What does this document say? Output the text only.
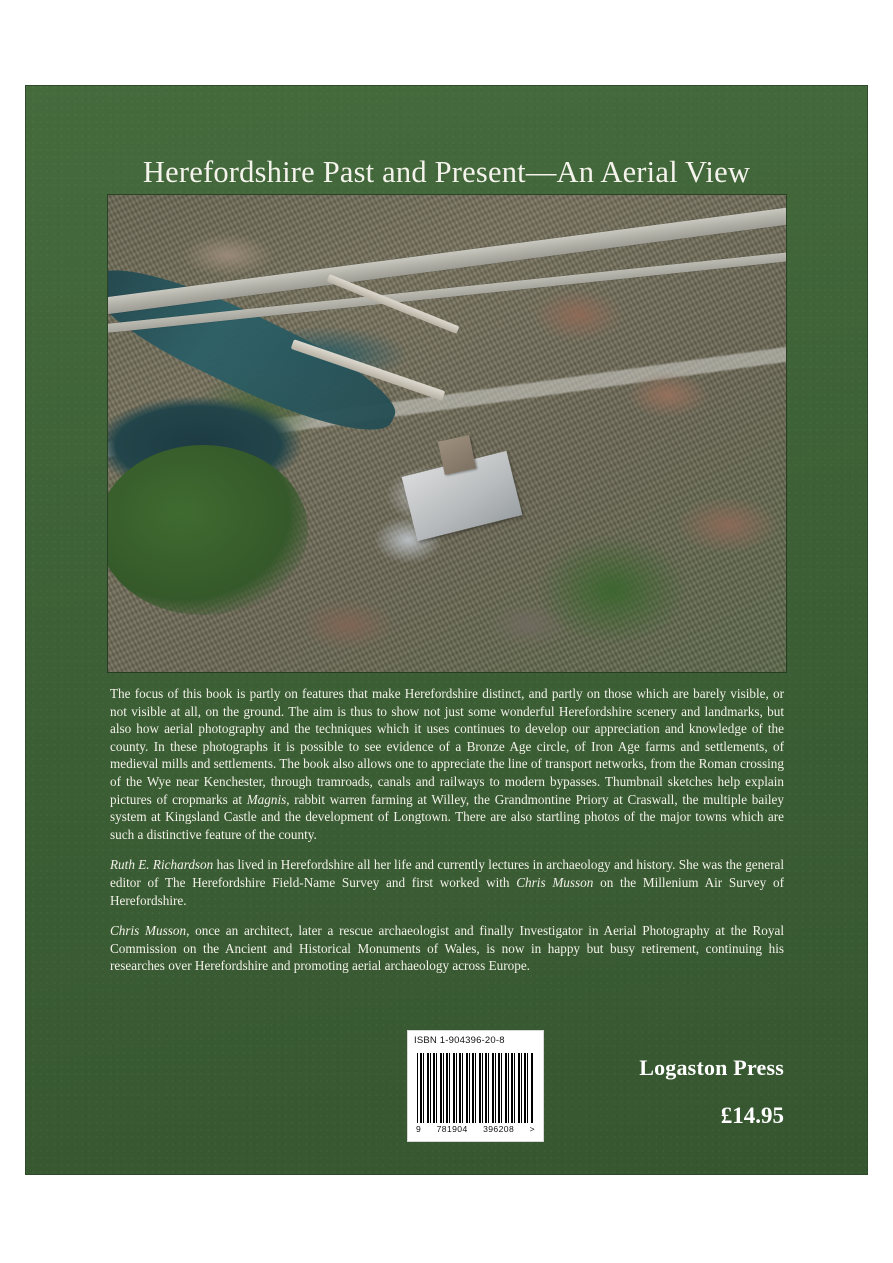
Herefordshire Past and Present—An Aerial View

The focus of this book is partly on features that make Herefordshire distinct, and partly on those which are barely visible, or not visible at all, on the ground. The aim is thus to show not just some wonderful Herefordshire scenery and landmarks, but also how aerial photography and the techniques which it uses continues to develop our appreciation and knowledge of the county. In these photographs it is possible to see evidence of a Bronze Age circle, of Iron Age farms and settlements, of medieval mills and settlements. The book also allows one to appreciate the line of transport networks, from the Roman crossing of the Wye near Kenchester, through tramroads, canals and railways to modern bypasses. Thumbnail sketches help explain pictures of cropmarks at Magnis, rabbit warren farming at Willey, the Grandmontine Priory at Craswall, the multiple bailey system at Kingsland Castle and the development of Longtown. There are also startling photos of the major towns which are such a distinctive feature of the county.

Ruth E. Richardson has lived in Herefordshire all her life and currently lectures in archaeology and history. She was the general editor of The Herefordshire Field-Name Survey and first worked with Chris Musson on the Millenium Air Survey of Herefordshire.

Chris Musson, once an architect, later a rescue archaeologist and finally Investigator in Aerial Photography at the Royal Commission on the Ancient and Historical Monuments of Wales, is now in happy but busy retirement, continuing his researches over Herefordshire and promoting aerial archaeology across Europe.

ISBN 1-904396-20-8
9 781904 396208 >
Logaston Press
£14.95
